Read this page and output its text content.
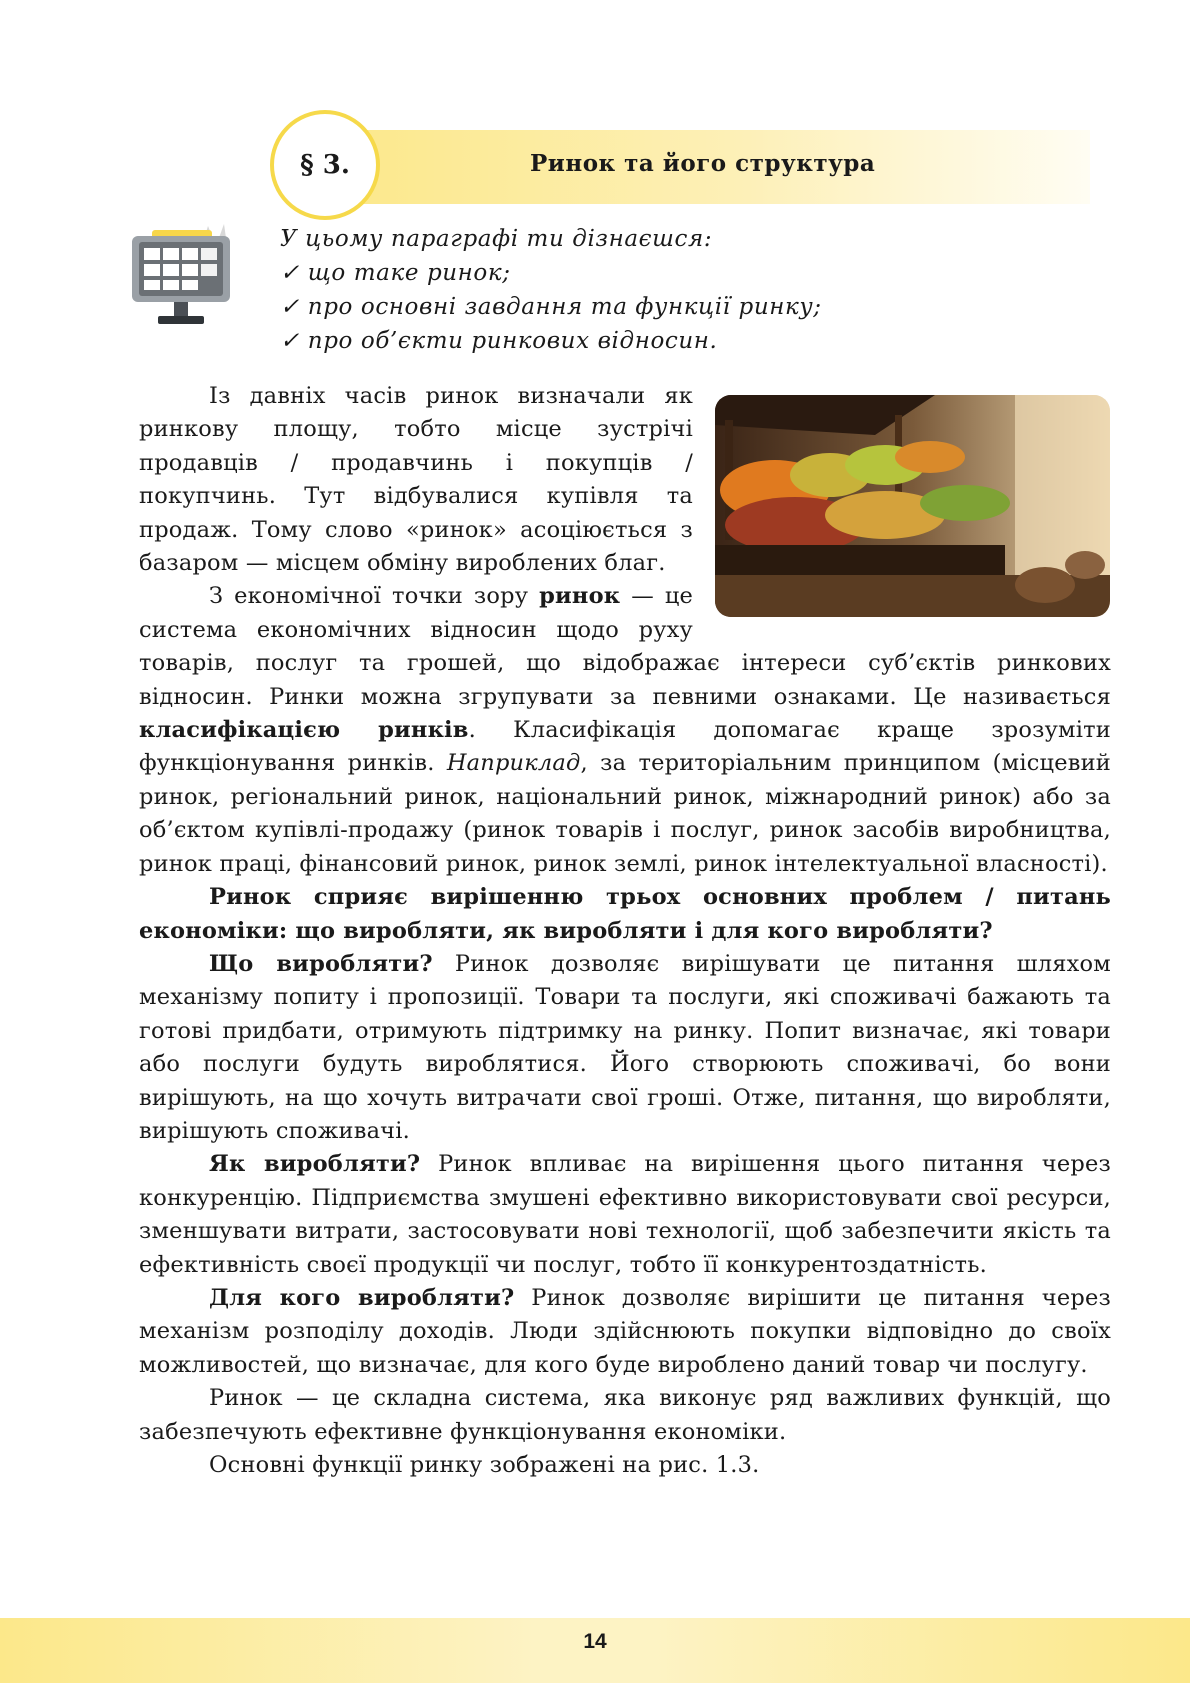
§ 3.	Ринок та його структура
У цьому параграфі ти дізнаєшся:
✓ що таке ринок;
✓ про основні завдання та функції ринку;
✓ про об’єкти ринкових відносин.

Із давніх часів ринок визначали як ринкову площу, тобто місце зустрічі продавців / продавчинь і покупців / покупчинь. Тут відбувалися купівля та продаж. Тому слово «ринок» асоціюється з базаром — місцем обміну вироблених благ.

З економічної точки зору ринок — це система економічних відносин щодо руху товарів, послуг та грошей, що відображає інтереси суб’єктів ринкових відносин. Ринки можна згрупувати за певними ознаками. Це називається класифікацією ринків. Класифікація допомагає краще зрозуміти функціонування ринків. Наприклад, за територіальним принципом (місцевий ринок, регіональний ринок, національний ринок, міжнародний ринок) або за об’єктом купівлі-продажу (ринок товарів і послуг, ринок засобів виробництва, ринок праці, фінансовий ринок, ринок землі, ринок інтелектуальної власності).

Ринок сприяє вирішенню трьох основних проблем / питань економіки: що виробляти, як виробляти і для кого виробляти?

Що виробляти? Ринок дозволяє вирішувати це питання шляхом механізму попиту і пропозиції. Товари та послуги, які споживачі бажають та готові придбати, отримують підтримку на ринку. Попит визначає, які товари або послуги будуть вироблятися. Його створюють споживачі, бо вони вирішують, на що хочуть витрачати свої гроші. Отже, питання, що виробляти, вирішують споживачі.

Як виробляти? Ринок впливає на вирішення цього питання через конкуренцію. Підприємства змушені ефективно використовувати свої ресурси, зменшувати витрати, застосовувати нові технології, щоб забезпечити якість та ефективність своєї продукції чи послуг, тобто її конкурентоздатність.

Для кого виробляти? Ринок дозволяє вирішити це питання через механізм розподілу доходів. Люди здійснюють покупки відповідно до своїх можливостей, що визначає, для кого буде вироблено даний товар чи послугу.

Ринок — це складна система, яка виконує ряд важливих функцій, що забезпечують ефективне функціонування економіки.

Основні функції ринку зображені на рис. 1.3.

14
